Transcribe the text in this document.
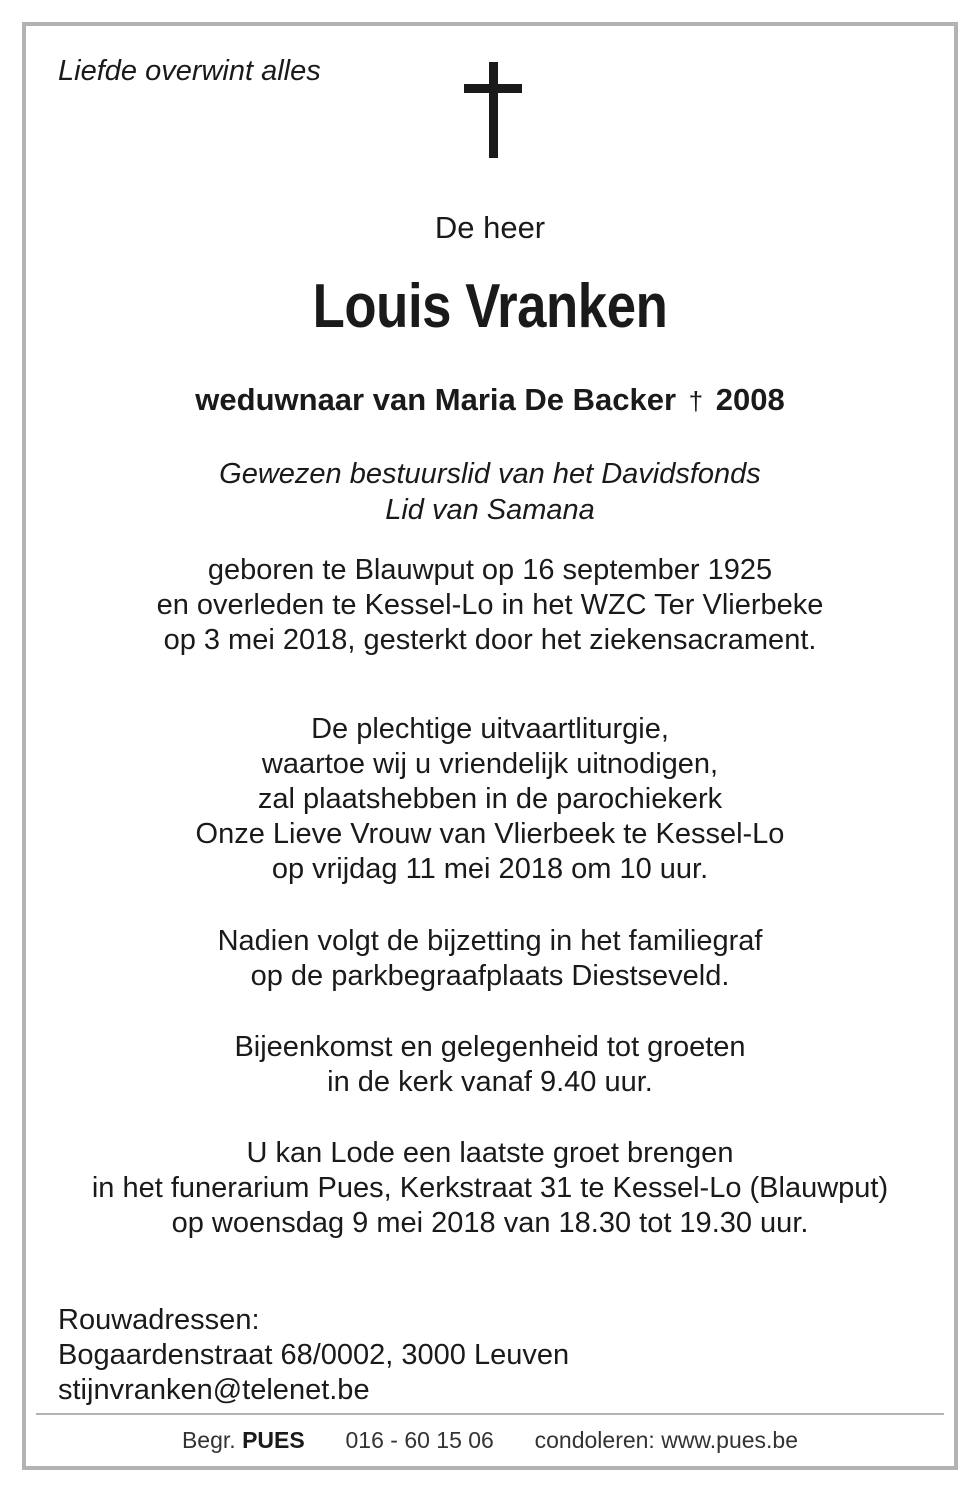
Liefde overwint alles
De heer
Louis Vranken
weduwnaar van Maria De Backer † 2008
Gewezen bestuurslid van het Davidsfonds
Lid van Samana
geboren te Blauwput op 16 september 1925
en overleden te Kessel-Lo in het WZC Ter Vlierbeke
op 3 mei 2018, gesterkt door het ziekensacrament.
De plechtige uitvaartliturgie,
waartoe wij u vriendelijk uitnodigen,
zal plaatshebben in de parochiekerk
Onze Lieve Vrouw van Vlierbeek te Kessel-Lo
op vrijdag 11 mei 2018 om 10 uur.
Nadien volgt de bijzetting in het familiegraf
op de parkbegraafplaats Diestseveld.
Bijeenkomst en gelegenheid tot groeten
in de kerk vanaf 9.40 uur.
U kan Lode een laatste groet brengen
in het funerarium Pues, Kerkstraat 31 te Kessel-Lo (Blauwput)
op woensdag 9 mei 2018 van 18.30 tot 19.30 uur.
Rouwadressen:
Bogaardenstraat 68/0002, 3000 Leuven
stijnvranken@telenet.be
Begr. PUES 016 - 60 15 06 condoleren: www.pues.be
